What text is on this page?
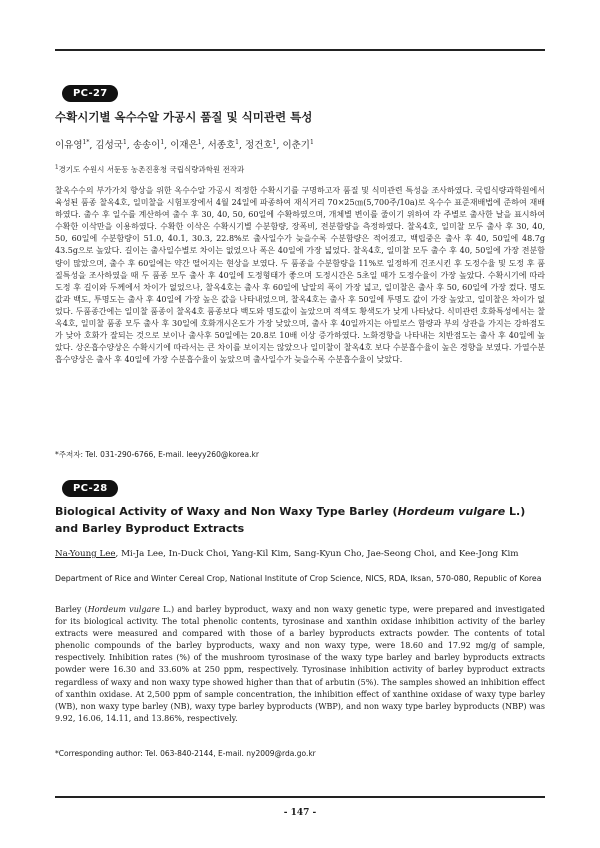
PC-27
수확시기별 옥수수알 가공시 품질 및 식미관련 특성
이유영$^{1*}$, 김성국$^1$, 송송이$^1$, 이재은$^1$, 서종호$^1$, 정건호$^1$, 이춘기$^1$
$^1$경기도 수원시 서둔동 농촌진흥청 국립식량과학원 전작과

찰옥수수의 부가가치 향상을 위한 옥수수알 가공시 적정한 수확시기를 구명하고자 품질 및 식미관련 특성을 조사하였다. 국립식량과학원에서 육성된 품종 찰옥4호, 일미찰을 시험포장에서 4월 24일에 파종하여 재식거리 70×25㎝(5,700주/10a)로 옥수수 표준재배법에 준하여 재배하였다. 출수 후 일수를 계산하여 출수 후 30, 40, 50, 60일에 수확하였으며, 개체별 변이를 줄이기 위하여 각 주별로 출사한 날을 표시하여 수확한 이삭만을 이용하였다. 수확한 이삭은 수확시기별 수분함량, 장폭비, 전분함량을 측정하였다. 찰옥4호, 일미찰 모두 출사 후 30, 40, 50, 60일에 수분함량이 51.0, 40.1, 30.3, 22.8%로 출사일수가 늦을수록 수분함량은 적어졌고, 백립중은 출사 후 40, 50일에 48.7g 43.5g으로 높았다. 길이는 출사일수별로 차이는 없었으나 폭은 40일에 가장 넓었다. 찰옥4호, 일미찰 모두 출수 후 40, 50일에 가장 전분함량이 많았으며, 출수 후 60일에는 약간 떨어지는 현상을 보였다. 두 품종을 수분함량을 11%로 일정하게 건조시킨 후 도정수율 및 도정 후 품질특성을 조사하였을 때 두 품종 모두 출사 후 40일에 도정형태가 좋으며 도정시간은 5초일 때가 도정수율이 가장 높았다. 수확시기에 따라 도정 후 길이와 두께에서 차이가 없었으나, 찰옥4호는 출사 후 60일에 납알의 폭이 가장 넓고, 일미찰은 출사 후 50, 60일에 가장 컸다. 명도값과 백도, 투명도는 출사 후 40일에 가장 높은 값을 나타내었으며, 찰옥4호는 출사 후 50일에 투명도 값이 가장 높았고, 일미찰은 차이가 없었다. 두품종간에는 일미찰 품종이 찰옥4호 품종보다 백도와 명도값이 높았으며 적색도 황색도가 낮게 나타났다. 식미관련 호화특성에서는 찰옥4호, 일미찰 품종 모두 출사 후 30일에 호화개시온도가 가장 낮았으며, 출사 후 40일까지는 아밀로스 함량과 부의 상관을 가지는 강하점도가 낮아 호화가 잘되는 것으로 보이나 출사후 50일에는 20.8로 10배 이상 증가하였다. 노화경향을 나타내는 치반점도는 출사 후 40일에 높았다. 상온흡수양상은 수확시기에 따라서는 큰 차이를 보이지는 않았으나 일미찰이 찰옥4호 보다 수분흡수율이 높은 경향을 보였다. 가열수분흡수양상은 출사 후 40일에 가장 수분흡수율이 높았으며 출사일수가 늦을수록 수분흡수율이 낮았다.

*주저자: Tel. 031-290-6766, E-mail. leeyy260@korea.kr
PC-28
Biological Activity of Waxy and Non Waxy Type Barley (Hordeum vulgare L.) and Barley Byproduct Extracts
Na-Young Lee, Mi-Ja Lee, In-Duck Choi, Yang-Kil Kim, Sang-Kyun Cho, Jae-Seong Choi, and Kee-Jong Kim
Department of Rice and Winter Cereal Crop, National Institute of Crop Science, NICS, RDA, Iksan, 570-080, Republic of Korea

Barley (Hordeum vulgare L.) and barley byproduct, waxy and non waxy genetic type, were prepared and investigated for its biological activity. The total phenolic contents, tyrosinase and xanthin oxidase inhibition activity of the barley extracts were measured and compared with those of a barley byproducts extracts powder. The contents of total phenolic compounds of the barley byproducts, waxy and non waxy type, were 18.60 and 17.92 mg/g of sample, respectively. Inhibition rates (%) of the mushroom tyrosinase of the waxy type barley and barley byproducts extracts powder were 16.30 and 33.60% at 250 ppm, respectively. Tyrosinase inhibition activity of barley byproduct extracts regardless of waxy and non waxy type showed higher than that of arbutin (5%). The samples showed an inhibition effect of xanthin oxidase. At 2,500 ppm of sample concentration, the inhibition effect of xanthine oxidase of waxy type barley (WB), non waxy type barley (NB), waxy type barley byproducts (WBP), and non waxy type barley byproducts (NBP) was 9.92, 16.06, 14.11, and 13.86%, respectively.

*Corresponding author: Tel. 063-840-2144, E-mail. ny2009@rda.go.kr
- 147 -
